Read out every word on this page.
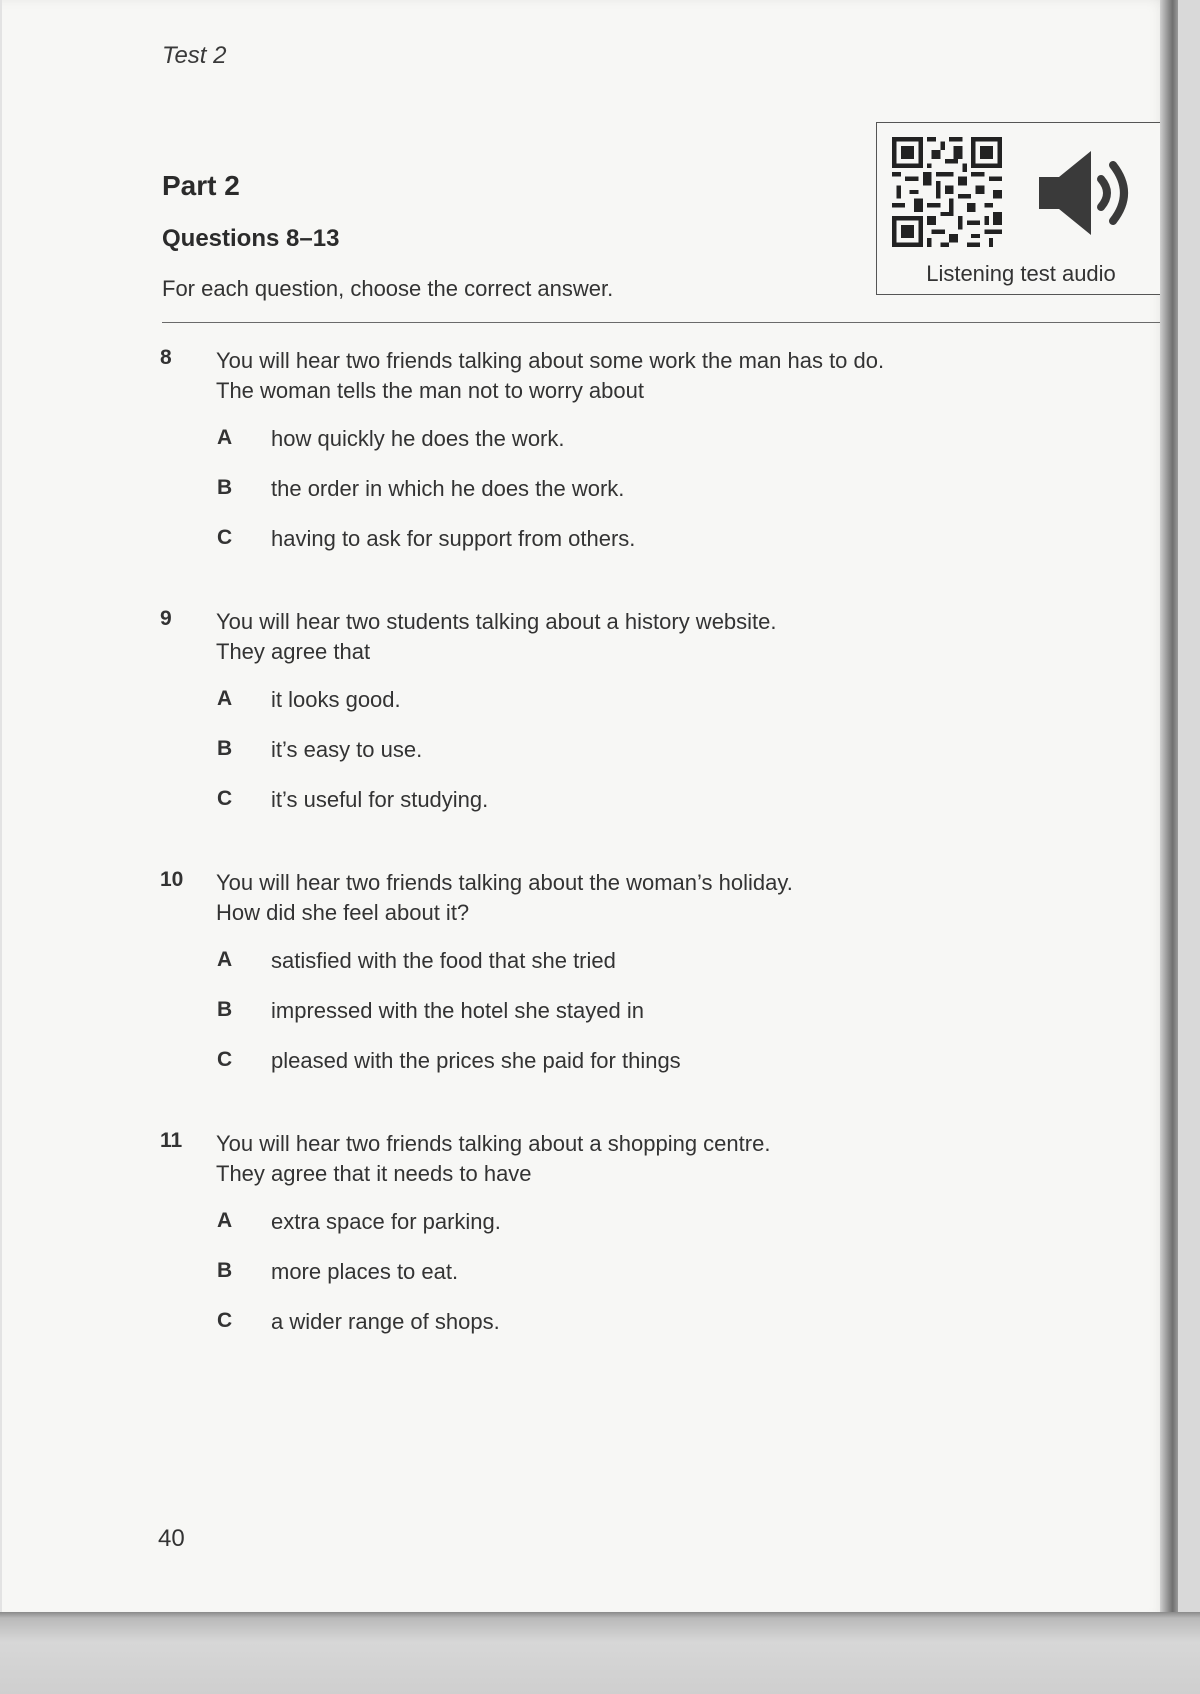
Test 2
Part 2
Questions 8–13
For each question, choose the correct answer.
Listening test audio
8 You will hear two friends talking about some work the man has to do.
The woman tells the man not to worry about
A how quickly he does the work.
B the order in which he does the work.
C having to ask for support from others.
9 You will hear two students talking about a history website.
They agree that
A it looks good.
B it’s easy to use.
C it’s useful for studying.
10 You will hear two friends talking about the woman’s holiday.
How did she feel about it?
A satisfied with the food that she tried
B impressed with the hotel she stayed in
C pleased with the prices she paid for things
11 You will hear two friends talking about a shopping centre.
They agree that it needs to have
A extra space for parking.
B more places to eat.
C a wider range of shops.
40
